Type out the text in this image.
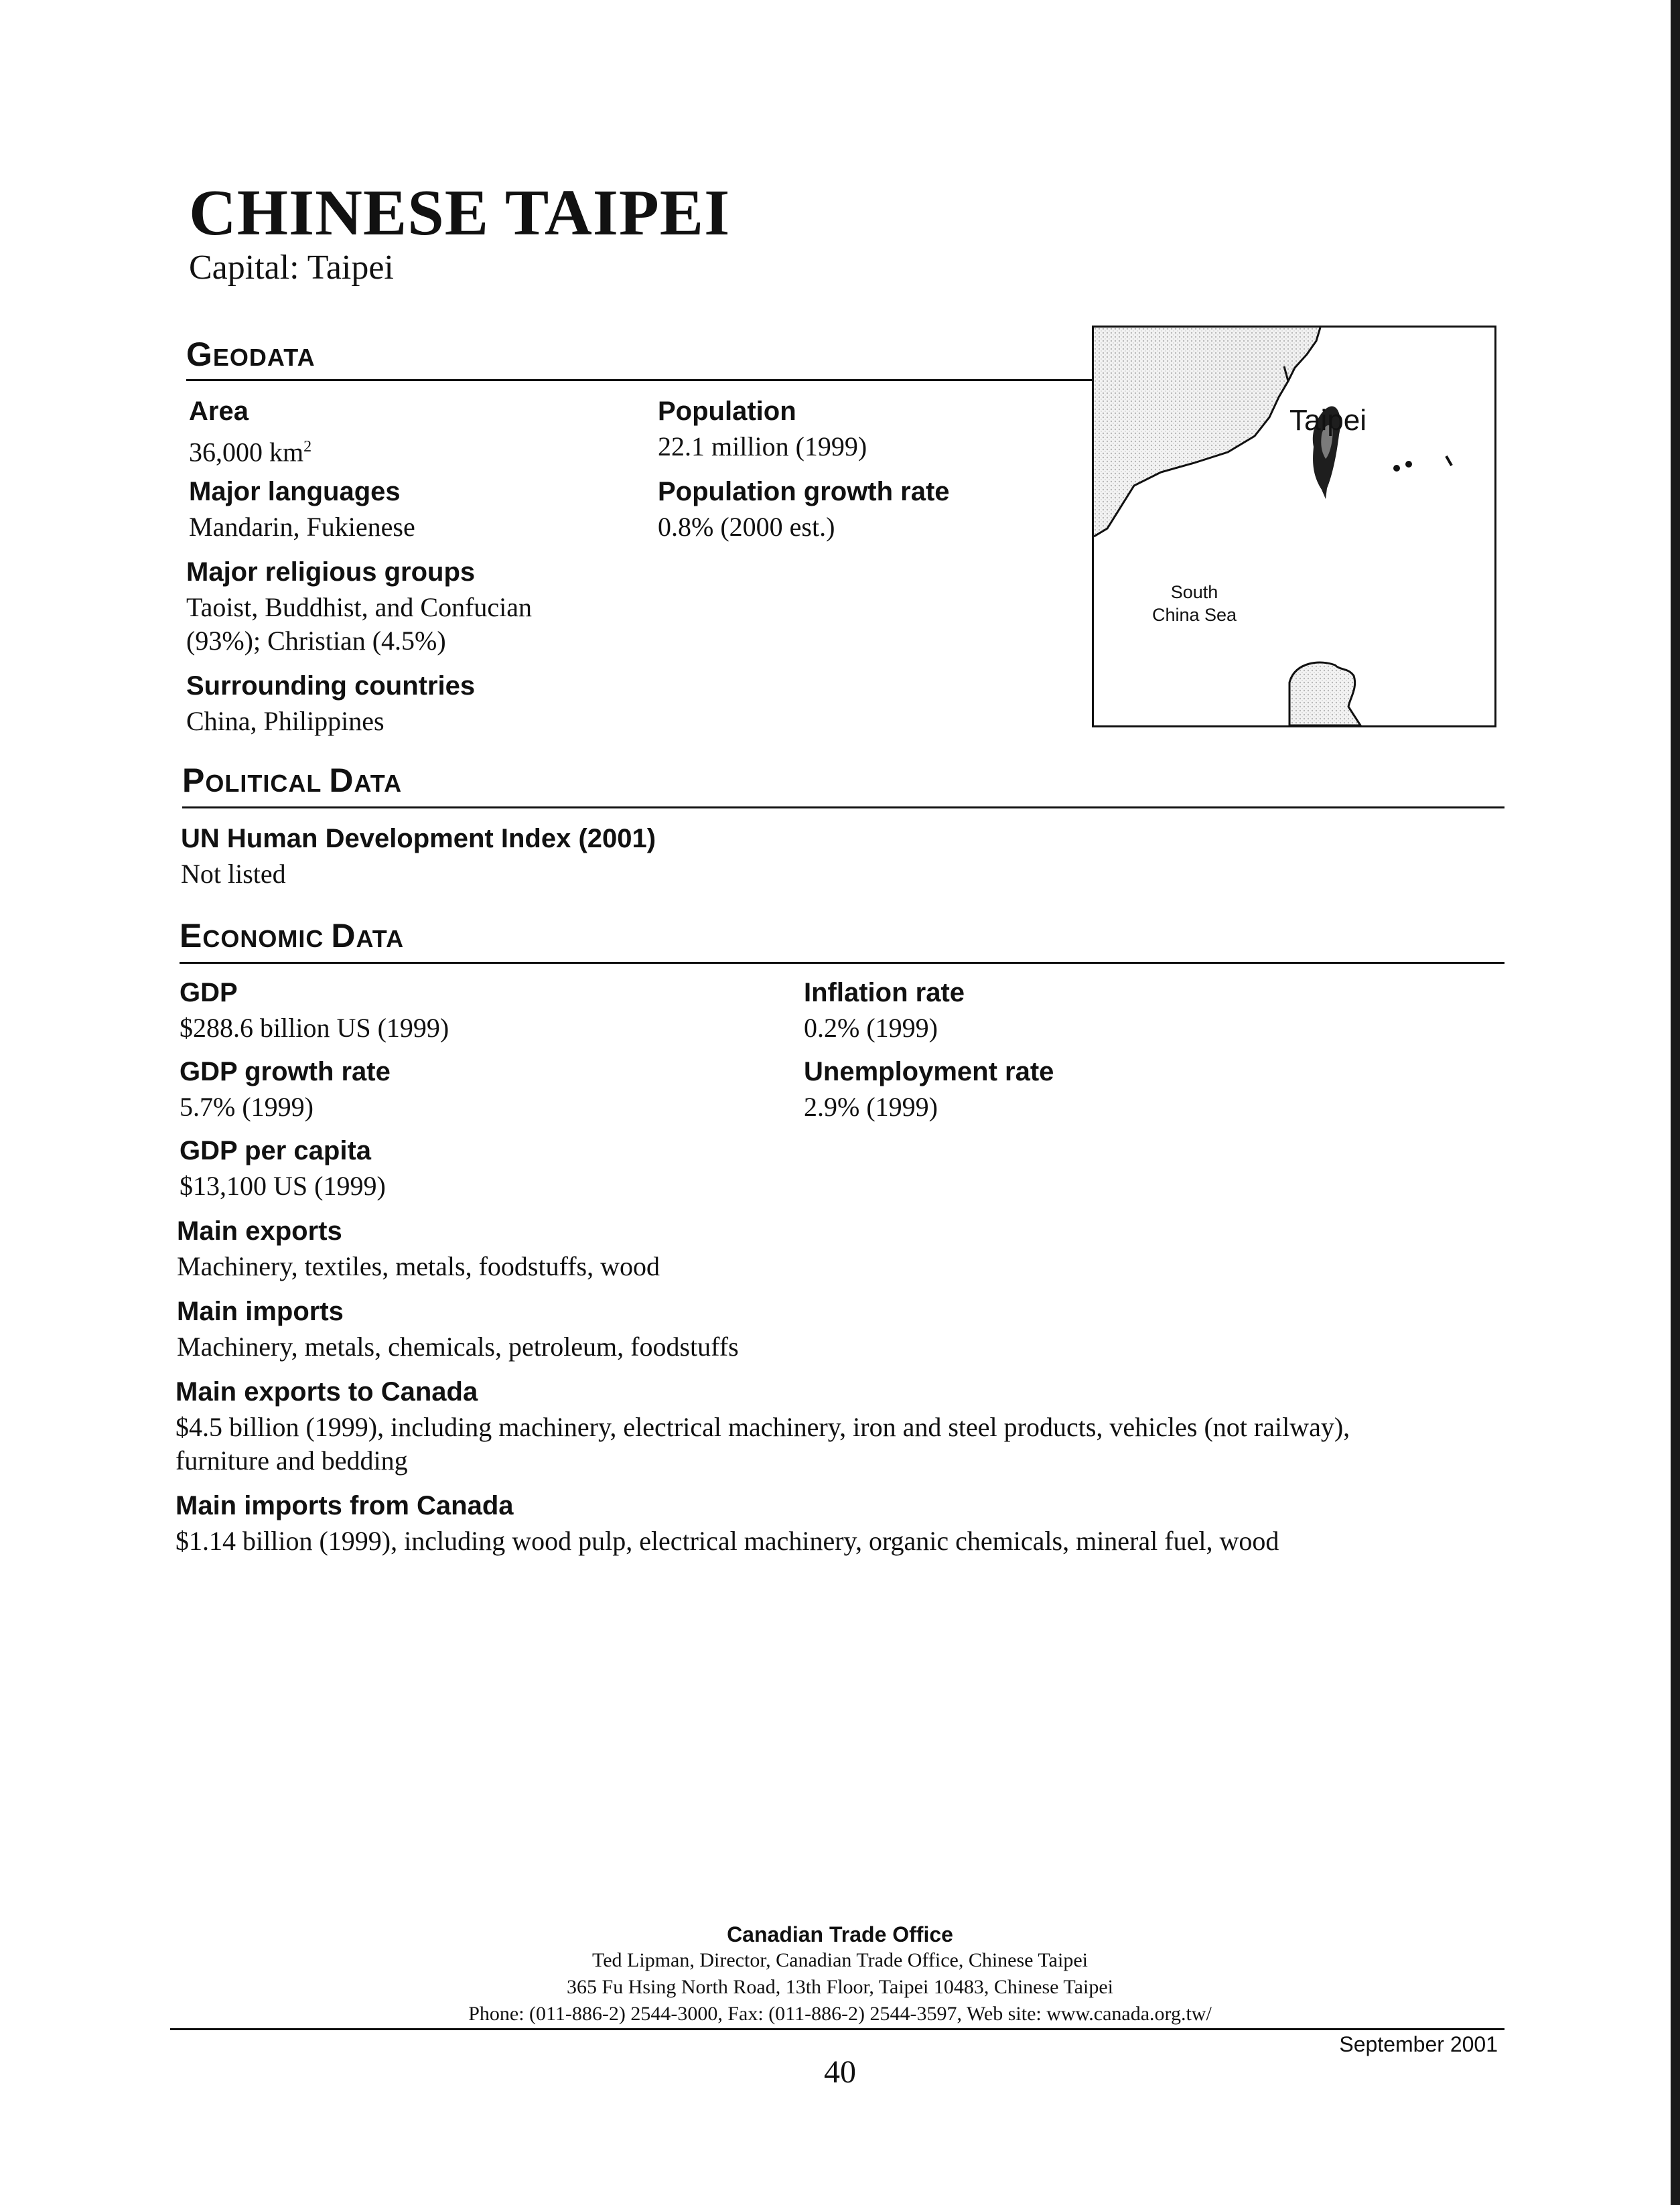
CHINESE TAIPEI
Capital: Taipei
GEODATA
Area
36,000 $km^2$
Major languages
Mandarin, Fukienese
Major religious groups
Taoist, Buddhist, and Confucian
(93%); Christian (4.5%)
Surrounding countries
China, Philippines
Population
22.1 million (1999)
Population growth rate
0.8% (2000 est.)
Taipei
South
China Sea
POLITICAL DATA
UN Human Development Index (2001)
Not listed
ECONOMIC DATA
GDP
$288.6 billion US (1999)
GDP growth rate
5.7% (1999)
GDP per capita
$13,100 US (1999)
Inflation rate
0.2% (1999)
Unemployment rate
2.9% (1999)
Main exports
Machinery, textiles, metals, foodstuffs, wood
Main imports
Machinery, metals, chemicals, petroleum, foodstuffs
Main exports to Canada
$4.5 billion (1999), including machinery, electrical machinery, iron and steel products, vehicles (not railway),
furniture and bedding
Main imports from Canada
$1.14 billion (1999), including wood pulp, electrical machinery, organic chemicals, mineral fuel, wood
Canadian Trade Office
Ted Lipman, Director, Canadian Trade Office, Chinese Taipei
365 Fu Hsing North Road, 13th Floor, Taipei 10483, Chinese Taipei
Phone: (011-886-2) 2544-3000, Fax: (011-886-2) 2544-3597, Web site: www.canada.org.tw/
September 2001
40
